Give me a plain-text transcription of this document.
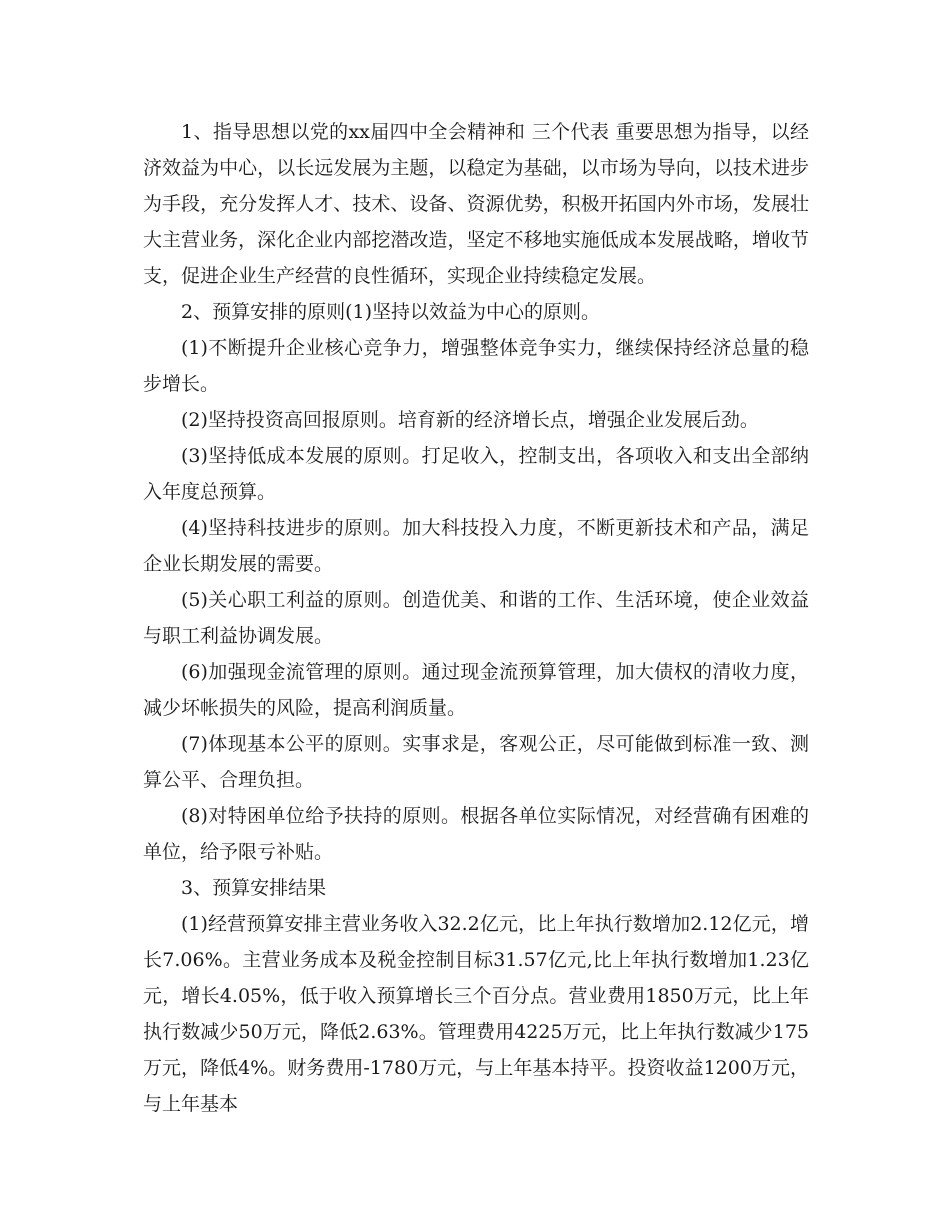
1、指导思想以党的xx届四中全会精神和 三个代表 重要思想为指导，以经济效益为中心，以长远发展为主题，以稳定为基础，以市场为导向，以技术进步为手段，充分发挥人才、技术、设备、资源优势，积极开拓国内外市场，发展壮大主营业务，深化企业内部挖潜改造，坚定不移地实施低成本发展战略，增收节支，促进企业生产经营的良性循环，实现企业持续稳定发展。

2、预算安排的原则(1)坚持以效益为中心的原则。

(1)不断提升企业核心竞争力，增强整体竞争实力，继续保持经济总量的稳步增长。

(2)坚持投资高回报原则。培育新的经济增长点，增强企业发展后劲。

(3)坚持低成本发展的原则。打足收入，控制支出，各项收入和支出全部纳入年度总预算。

(4)坚持科技进步的原则。加大科技投入力度，不断更新技术和产品，满足企业长期发展的需要。

(5)关心职工利益的原则。创造优美、和谐的工作、生活环境，使企业效益与职工利益协调发展。

(6)加强现金流管理的原则。通过现金流预算管理，加大债权的清收力度，减少坏帐损失的风险，提高利润质量。

(7)体现基本公平的原则。实事求是，客观公正，尽可能做到标准一致、测算公平、合理负担。

(8)对特困单位给予扶持的原则。根据各单位实际情况，对经营确有困难的单位，给予限亏补贴。

3、预算安排结果

(1)经营预算安排主营业务收入32.2亿元，比上年执行数增加2.12亿元，增长7.06%。主营业务成本及税金控制目标31.57亿元,比上年执行数增加1.23亿元，增长4.05%，低于收入预算增长三个百分点。营业费用1850万元，比上年执行数减少50万元，降低2.63%。管理费用4225万元，比上年执行数减少175万元，降低4%。财务费用-1780万元，与上年基本持平。投资收益1200万元，与上年基本
